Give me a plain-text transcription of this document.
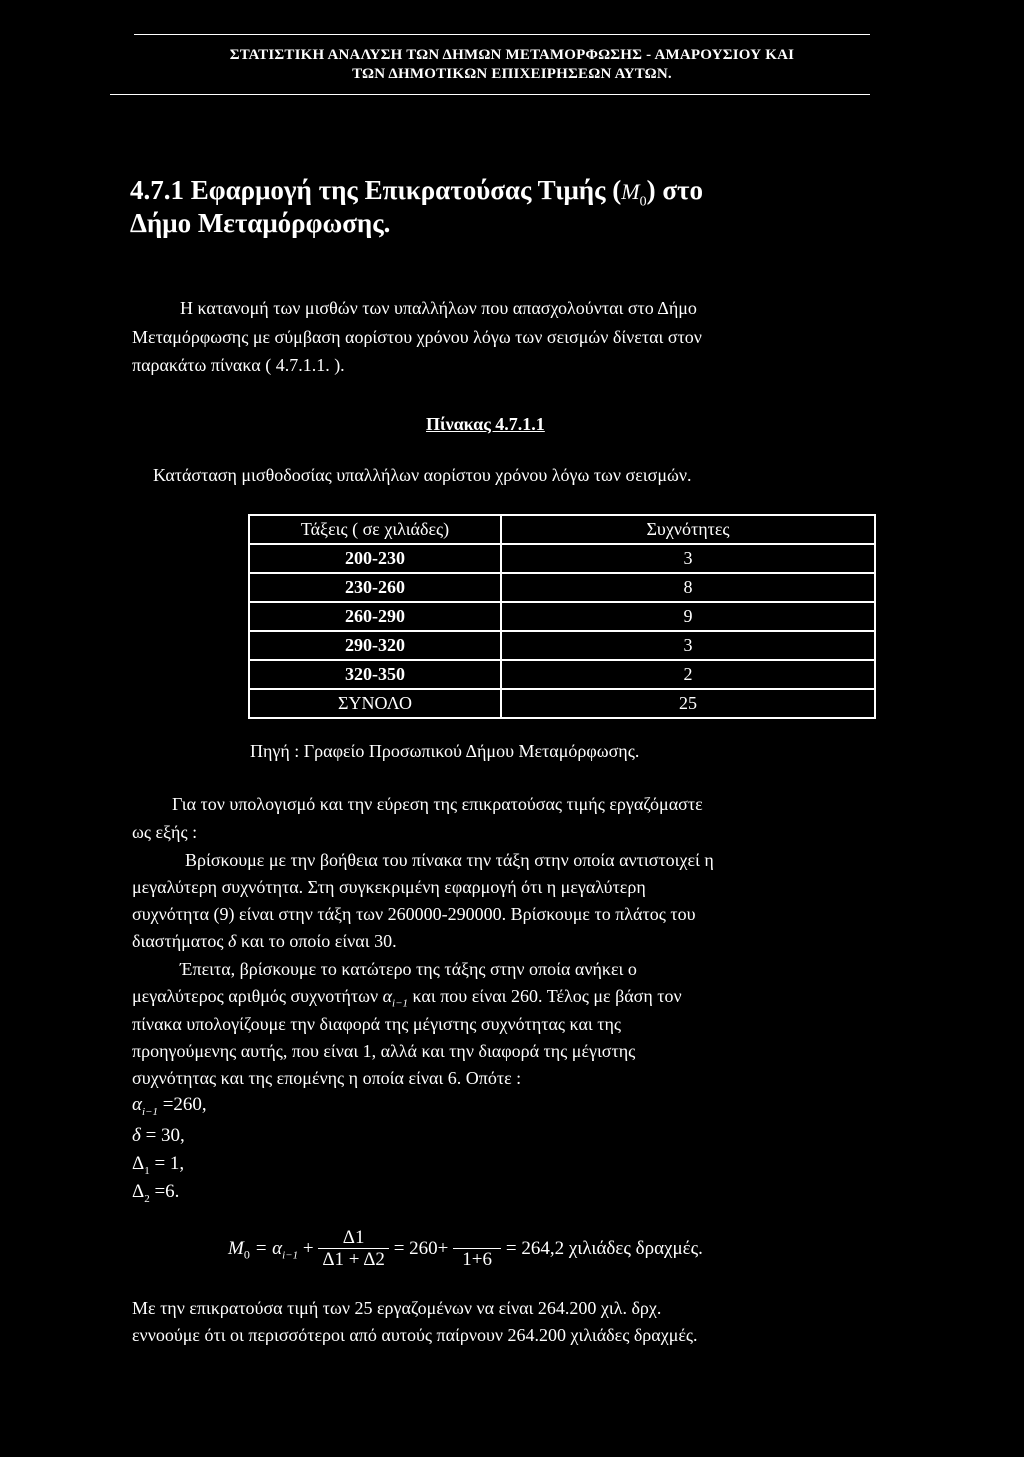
ΣΤΑΤΙΣΤΙΚΗ ΑΝΑΛΥΣΗ ΤΩΝ ΔΗΜΩΝ ΜΕΤΑΜΟΡΦΩΣΗΣ - ΑΜΑΡΟΥΣΙΟΥ ΚΑΙ
ΤΩΝ ΔΗΜΟΤΙΚΩΝ ΕΠΙΧΕΙΡΗΣΕΩΝ ΑΥΤΩΝ.
4.7.1 Εφαρμογή της Επικρατούσας Τιμής $(M_0)$ στο
Δήμο Μεταμόρφωσης.
Η κατανομή των μισθών των υπαλλήλων που απασχολούνται στο Δήμο
Μεταμόρφωσης με σύμβαση αορίστου χρόνου λόγω των σεισμών δίνεται στον
παρακάτω πίνακα ( 4.7.1.1. ).
Πίνακας 4.7.1.1
Κατάσταση μισθοδοσίας υπαλλήλων αορίστου χρόνου λόγω των σεισμών.
Τάξεις ( σε χιλιάδες)	Συχνότητες
200-230	3
230-260	8
260-290	9
290-320	3
320-350	2
ΣΥΝΟΛΟ	25
Πηγή : Γραφείο Προσωπικού Δήμου Μεταμόρφωσης.
Για τον υπολογισμό και την εύρεση της επικρατούσας τιμής εργαζόμαστε
ως εξής :
Βρίσκουμε με την βοήθεια του πίνακα την τάξη στην οποία αντιστοιχεί η
μεγαλύτερη συχνότητα. Στη συγκεκριμένη εφαρμογή ότι η μεγαλύτερη
συχνότητα (9) είναι στην τάξη των 260000-290000. Βρίσκουμε το πλάτος του
διαστήματος δ και το οποίο είναι 30.
Έπειτα, βρίσκουμε το κατώτερο της τάξης στην οποία ανήκει ο
μεγαλύτερος αριθμός συχνοτήτων $\alpha_{i-1}$ και που είναι 260. Τέλος με βάση τον
πίνακα υπολογίζουμε την διαφορά της μέγιστης συχνότητας και της
προηγούμενης αυτής, που είναι 1, αλλά και την διαφορά της μέγιστης
συχνότητας και της επομένης η οποία είναι 6. Οπότε :
$\alpha_{i-1} =260$,
δ = 30,
$\Delta_1 = 1$,
$\Delta_2 =6$.
$M_0 = \alpha_{i-1} + \frac{\Delta 1}{\Delta 1 + \Delta 2} = 260+$
1+6
= 264,2 χιλιάδες δραχμές.
Με την επικρατούσα τιμή των 25 εργαζομένων να είναι 264.200 χιλ. δρχ.
εννοούμε ότι οι περισσότεροι από αυτούς παίρνουν 264.200 χιλιάδες δραχμές.
